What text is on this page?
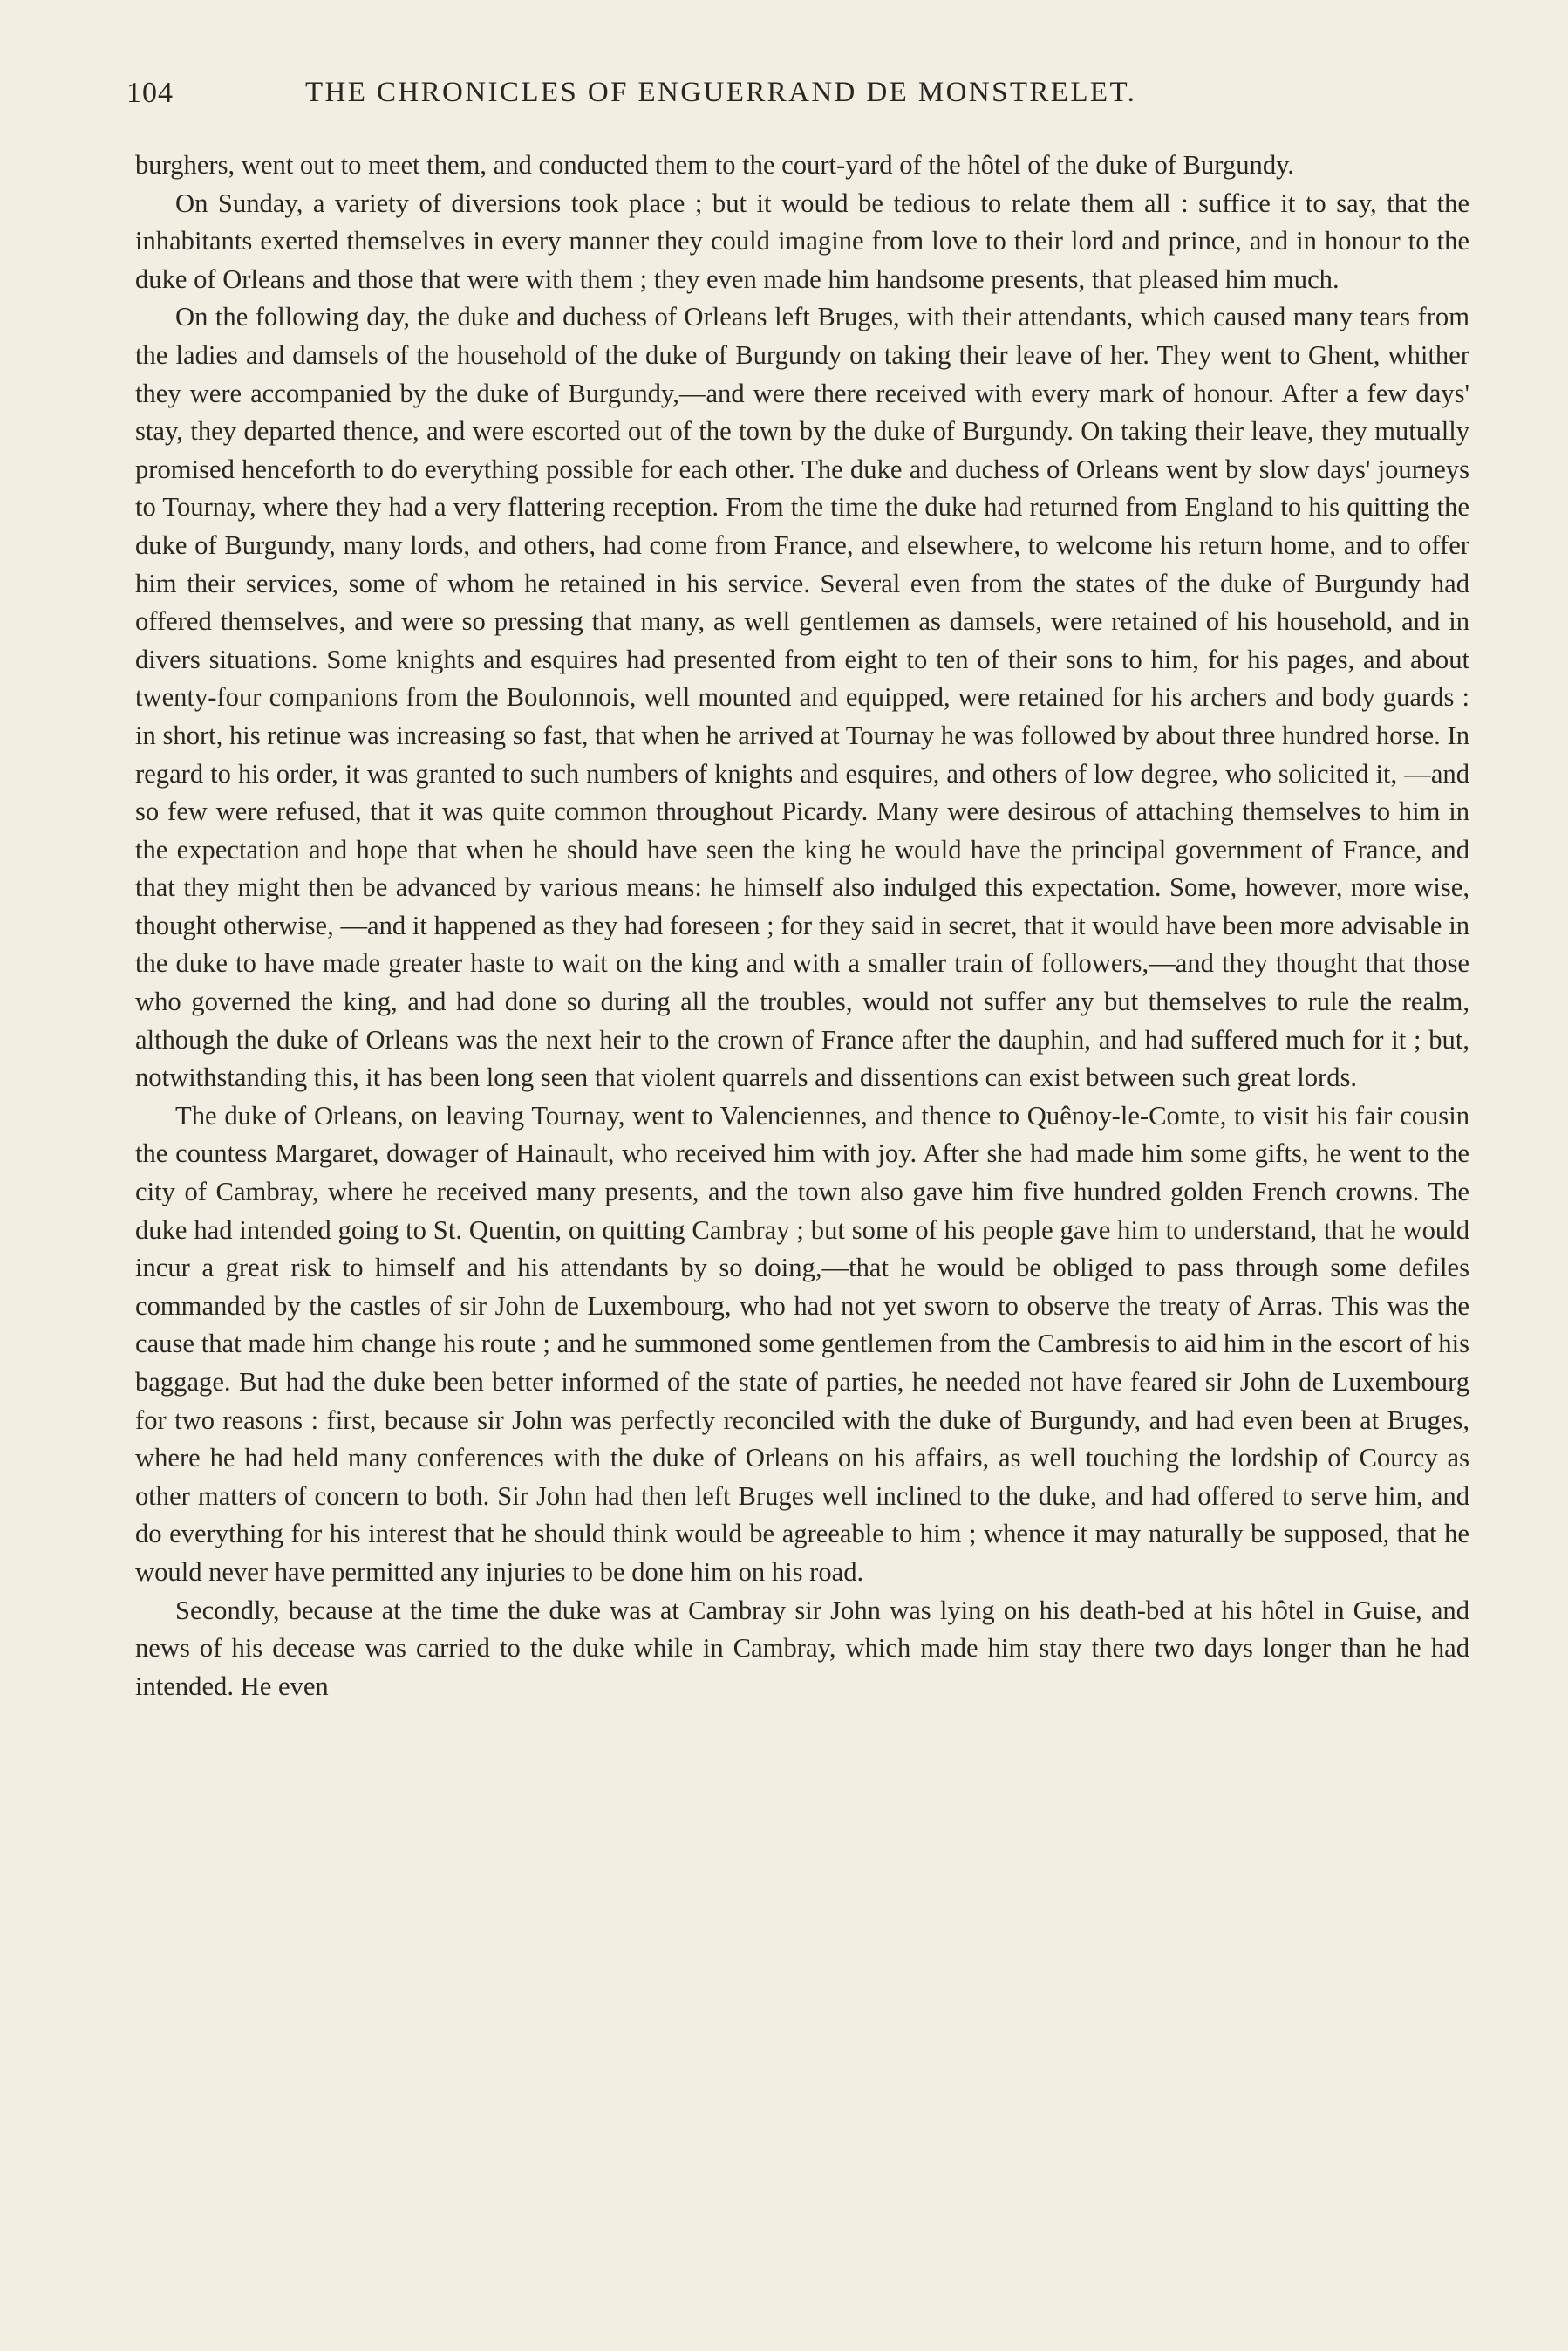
104	THE CHRONICLES OF ENGUERRAND DE MONSTRELET.

burghers, went out to meet them, and conducted them to the court-yard of the hôtel of the duke of Burgundy.

On Sunday, a variety of diversions took place ; but it would be tedious to relate them all : suffice it to say, that the inhabitants exerted themselves in every manner they could imagine from love to their lord and prince, and in honour to the duke of Orleans and those that were with them ; they even made him handsome presents, that pleased him much.

On the following day, the duke and duchess of Orleans left Bruges, with their attendants, which caused many tears from the ladies and damsels of the household of the duke of Burgundy on taking their leave of her. They went to Ghent, whither they were accompanied by the duke of Burgundy,—and were there received with every mark of honour. After a few days' stay, they departed thence, and were escorted out of the town by the duke of Burgundy. On taking their leave, they mutually promised henceforth to do everything possible for each other. The duke and duchess of Orleans went by slow days' journeys to Tournay, where they had a very flattering reception. From the time the duke had returned from England to his quitting the duke of Burgundy, many lords, and others, had come from France, and elsewhere, to welcome his return home, and to offer him their services, some of whom he retained in his service. Several even from the states of the duke of Burgundy had offered themselves, and were so pressing that many, as well gentlemen as damsels, were retained of his household, and in divers situations. Some knights and esquires had presented from eight to ten of their sons to him, for his pages, and about twenty-four companions from the Boulonnois, well mounted and equipped, were retained for his archers and body guards : in short, his retinue was increasing so fast, that when he arrived at Tournay he was followed by about three hundred horse. In regard to his order, it was granted to such numbers of knights and esquires, and others of low degree, who solicited it, —and so few were refused, that it was quite common throughout Picardy. Many were desirous of attaching themselves to him in the expectation and hope that when he should have seen the king he would have the principal government of France, and that they might then be advanced by various means: he himself also indulged this expectation. Some, however, more wise, thought otherwise, —and it happened as they had foreseen ; for they said in secret, that it would have been more advisable in the duke to have made greater haste to wait on the king and with a smaller train of followers,—and they thought that those who governed the king, and had done so during all the troubles, would not suffer any but themselves to rule the realm, although the duke of Orleans was the next heir to the crown of France after the dauphin, and had suffered much for it ; but, notwithstanding this, it has been long seen that violent quarrels and dissentions can exist between such great lords.

The duke of Orleans, on leaving Tournay, went to Valenciennes, and thence to Quênoy-le-Comte, to visit his fair cousin the countess Margaret, dowager of Hainault, who received him with joy. After she had made him some gifts, he went to the city of Cambray, where he received many presents, and the town also gave him five hundred golden French crowns. The duke had intended going to St. Quentin, on quitting Cambray ; but some of his people gave him to understand, that he would incur a great risk to himself and his attendants by so doing,—that he would be obliged to pass through some defiles commanded by the castles of sir John de Luxembourg, who had not yet sworn to observe the treaty of Arras. This was the cause that made him change his route ; and he summoned some gentlemen from the Cambresis to aid him in the escort of his baggage. But had the duke been better informed of the state of parties, he needed not have feared sir John de Luxembourg for two reasons : first, because sir John was perfectly reconciled with the duke of Burgundy, and had even been at Bruges, where he had held many conferences with the duke of Orleans on his affairs, as well touching the lordship of Courcy as other matters of concern to both. Sir John had then left Bruges well inclined to the duke, and had offered to serve him, and do everything for his interest that he should think would be agreeable to him ; whence it may naturally be supposed, that he would never have permitted any injuries to be done him on his road.

Secondly, because at the time the duke was at Cambray sir John was lying on his death-bed at his hôtel in Guise, and news of his decease was carried to the duke while in Cambray, which made him stay there two days longer than he had intended. He even
